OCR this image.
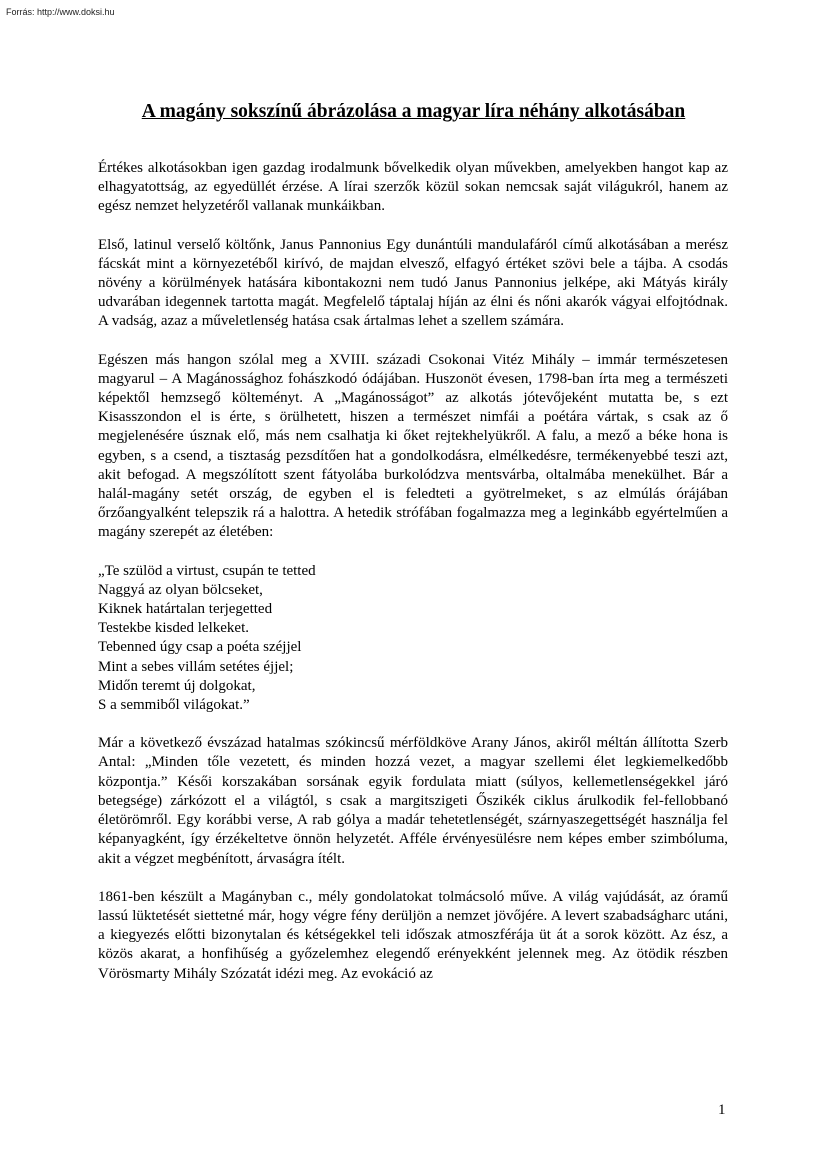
Forrás: http://www.doksi.hu
A magány sokszínű ábrázolása a magyar líra néhány alkotásában

Értékes alkotásokban igen gazdag irodalmunk bővelkedik olyan művekben, amelyekben hangot kap az elhagyatottság, az egyedüllét érzése. A lírai szerzők közül sokan nemcsak saját világukról, hanem az egész nemzet helyzetéről vallanak munkáikban.

Első, latinul verselő költőnk, Janus Pannonius Egy dunántúli mandulafáról című alkotásában a merész fácskát mint a környezetéből kirívó, de majdan elvesző, elfagyó értéket szövi bele a tájba. A csodás növény a körülmények hatására kibontakozni nem tudó Janus Pannonius jelképe, aki Mátyás király udvarában idegennek tartotta magát. Megfelelő táptalaj híján az élni és nőni akarók vágyai elfojtódnak. A vadság, azaz a műveletlenség hatása csak ártalmas lehet a szellem számára.

Egészen más hangon szólal meg a XVIII. századi Csokonai Vitéz Mihály – immár természetesen magyarul – A Magánossághoz fohászkodó ódájában. Huszonöt évesen, 1798-ban írta meg a természeti képektől hemzsegő költeményt. A „Magánosságot” az alkotás jótevőjeként mutatta be, s ezt Kisasszondon el is érte, s örülhetett, hiszen a természet nimfái a poétára vártak, s csak az ő megjelenésére úsznak elő, más nem csalhatja ki őket rejtekhelyükről. A falu, a mező a béke hona is egyben, s a csend, a tisztaság pezsdítően hat a gondolkodásra, elmélkedésre, termékenyebbé teszi azt, akit befogad. A megszólított szent fátyolába burkolódzva mentsvárba, oltalmába menekülhet. Bár a halál-magány setét ország, de egyben el is feledteti a gyötrelmeket, s az elmúlás órájában őrzőangyalként telepszik rá a halottra. A hetedik strófában fogalmazza meg a leginkább egyértelműen a magány szerepét az életében:

„Te szülöd a virtust, csupán te tetted
Naggyá az olyan bölcseket,
Kiknek határtalan terjegetted
Testekbe kisded lelkeket.
Tebenned úgy csap a poéta széjjel
Mint a sebes villám setétes éjjel;
Midőn teremt új dolgokat,
S a semmiből világokat.”

Már a következő évszázad hatalmas szókincsű mérföldköve Arany János, akiről méltán állította Szerb Antal: „Minden tőle vezetett, és minden hozzá vezet, a magyar szellemi élet legkiemelkedőbb központja.” Késői korszakában sorsának egyik fordulata miatt (súlyos, kellemetlenségekkel járó betegsége) zárkózott el a világtól, s csak a margitszigeti Őszikék ciklus árulkodik fel-fellobbanó életörömről. Egy korábbi verse, A rab gólya a madár tehetetlenségét, szárnyaszegettségét használja fel képanyagként, így érzékeltetve önnön helyzetét. Afféle érvényesülésre nem képes ember szimbóluma, akit a végzet megbénított, árvaságra ítélt.

1861-ben készült a Magányban c., mély gondolatokat tolmácsoló műve. A világ vajúdását, az óramű lassú lüktetését siettetné már, hogy végre fény derüljön a nemzet jövőjére. A levert szabadságharc utáni, a kiegyezés előtti bizonytalan és kétségekkel teli időszak atmoszférája üt át a sorok között. Az ész, a közös akarat, a honfihűség a győzelemhez elegendő erényekként jelennek meg. Az ötödik részben Vörösmarty Mihály Szózatát idézi meg. Az evokáció az

1
